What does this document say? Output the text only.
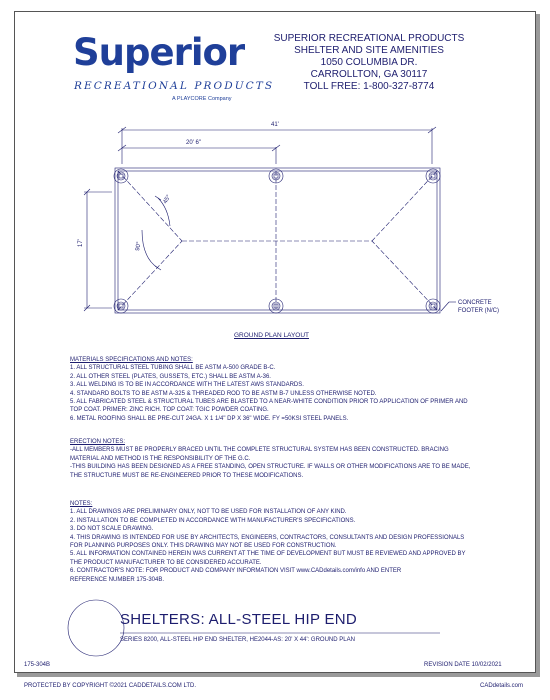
Superior
RECREATIONAL PRODUCTS
A PLAYCORE Company
SUPERIOR RECREATIONAL PRODUCTS
SHELTER AND SITE AMENITIES
1050 COLUMBIA DR.
CARROLLTON, GA 30117
TOLL FREE: 1-800-327-8774
41'
20' 6"
17'
45°
90°
CONCRETE
FOOTER (N/C)
GROUND PLAN LAYOUT
MATERIALS SPECIFICATIONS AND NOTES:
1. ALL STRUCTURAL STEEL TUBING SHALL BE ASTM A-500 GRADE B-C.
2. ALL OTHER STEEL (PLATES, GUSSETS, ETC.) SHALL BE ASTM A-36.
3. ALL WELDING IS TO BE IN ACCORDANCE WITH THE LATEST AWS STANDARDS.
4. STANDARD BOLTS TO BE ASTM A-325 & THREADED ROD TO BE ASTM B-7 UNLESS OTHERWISE NOTED.
5. ALL FABRICATED STEEL & STRUCTURAL TUBES ARE BLASTED TO A NEAR-WHITE CONDITION PRIOR TO APPLICATION OF PRIMER AND
TOP COAT. PRIMER: ZINC RICH. TOP COAT: TGIC POWDER COATING.
6. METAL ROOFING SHALL BE PRE-CUT 24GA. X 1 1/4" DP X 36" WIDE. FY =50KSI STEEL PANELS.
ERECTION NOTES:
-ALL MEMBERS MUST BE PROPERLY BRACED UNTIL THE COMPLETE STRUCTURAL SYSTEM HAS BEEN CONSTRUCTED. BRACING
MATERIAL AND METHOD IS THE RESPONSIBILITY OF THE G.C.
-THIS BUILDING HAS BEEN DESIGNED AS A FREE STANDING, OPEN STRUCTURE. IF WALLS OR OTHER MODIFICATIONS ARE TO BE MADE,
THE STRUCTURE MUST BE RE-ENGINEERED PRIOR TO THESE MODIFICATIONS.
NOTES:
1. ALL DRAWINGS ARE PRELIMINARY ONLY, NOT TO BE USED FOR INSTALLATION OF ANY KIND.
2. INSTALLATION TO BE COMPLETED IN ACCORDANCE WITH MANUFACTURER'S SPECIFICATIONS.
3. DO NOT SCALE DRAWING.
4. THIS DRAWING IS INTENDED FOR USE BY ARCHITECTS, ENGINEERS, CONTRACTORS, CONSULTANTS AND DESIGN PROFESSIONALS
FOR PLANNING PURPOSES ONLY. THIS DRAWING MAY NOT BE USED FOR CONSTRUCTION.
5. ALL INFORMATION CONTAINED HEREIN WAS CURRENT AT THE TIME OF DEVELOPMENT BUT MUST BE REVIEWED AND APPROVED BY
THE PRODUCT MANUFACTURER TO BE CONSIDERED ACCURATE.
6. CONTRACTOR'S NOTE: FOR PRODUCT AND COMPANY INFORMATION VISIT www.CADdetails.com/info AND ENTER
REFERENCE NUMBER 175-304B.
SHELTERS: ALL-STEEL HIP END
SERIES 8200, ALL-STEEL HIP END SHELTER, HE2044-AS: 20' X 44': GROUND PLAN
175-304B	REVISION DATE 10/02/2021
PROTECTED BY COPYRIGHT ©2021 CADDETAILS.COM LTD.	CADdetails.com
